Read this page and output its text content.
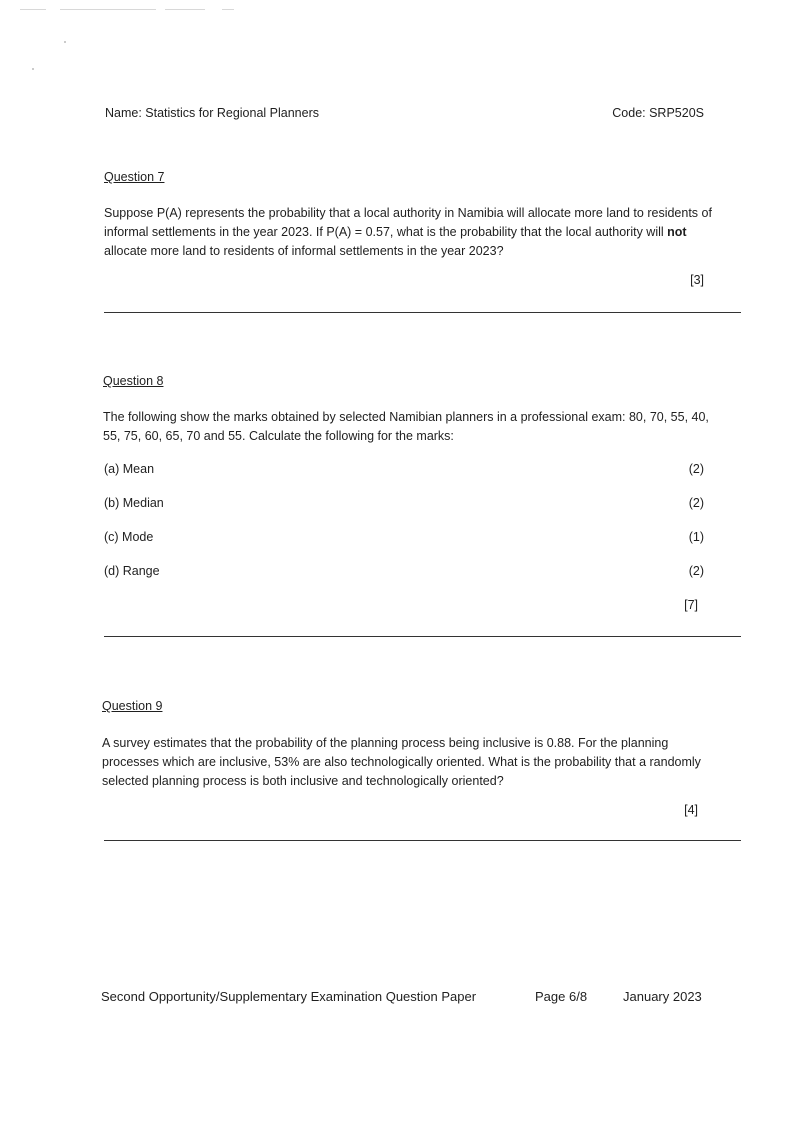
Name: Statistics for Regional Planners	Code: SRP520S
Question 7
Suppose P(A) represents the probability that a local authority in Namibia will allocate more land to residents of informal settlements in the year 2023. If P(A) = 0.57, what is the probability that the local authority will not allocate more land to residents of informal settlements in the year 2023?
[3]
Question 8
The following show the marks obtained by selected Namibian planners in a professional exam: 80, 70, 55, 40, 55, 75, 60, 65, 70 and 55. Calculate the following for the marks:
(a) Mean	(2)
(b) Median	(2)
(c) Mode	(1)
(d) Range	(2)
[7]
Question 9
A survey estimates that the probability of the planning process being inclusive is 0.88. For the planning processes which are inclusive, 53% are also technologically oriented. What is the probability that a randomly selected planning process is both inclusive and technologically oriented?
[4]
Second Opportunity/Supplementary Examination Question Paper	Page 6/8	January 2023
